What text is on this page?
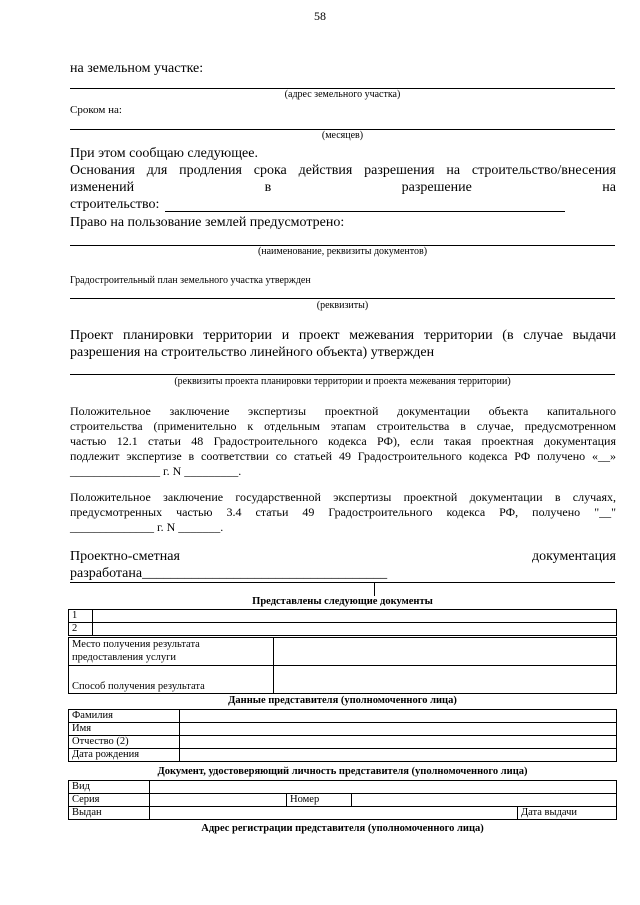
58
на земельном участке:
(адрес земельного участка)
Сроком на:
(месяцев)
При этом сообщаю следующее.
Основания для продления срока действия разрешения на строительство/внесения
изменений	в	разрешение	на
строительство:
Право на пользование землей предусмотрено:
(наименование, реквизиты документов)
Градостроительный план земельного участка утвержден
(реквизиты)
Проект планировки территории и проект межевания территории (в случае выдачи
разрешения на строительство линейного объекта) утвержден
(реквизиты проекта планировки территории и проекта межевания территории)
Положительное заключение экспертизы проектной документации объекта капитального
строительства (применительно к отдельным этапам строительства в случае, предусмотренном
частью 12.1 статьи 48 Градостроительного кодекса РФ), если такая проектная документация
подлежит экспертизе в соответствии со статьей 49 Градостроительного кодекса РФ получено «__»
_______________ г. N _________.
Положительное заключение государственной экспертизы проектной документации в случаях,
предусмотренных частью 3.4 статьи 49 Градостроительного кодекса РФ, получено "__"
______________ г. N _______.
Проектно-сметная	документация
разработана___________________________________
Представлены следующие документы
1	
2	
Место получения результата предоставления услуги	
Способ получения результата	
Данные представителя (уполномоченного лица)
Фамилия	
Имя	
Отчество (2)	
Дата рождения	
Документ, удостоверяющий личность представителя (уполномоченного лица)
Вид				
Серия		Номер		
Выдан				Дата выдачи
Адрес регистрации представителя (уполномоченного лица)
